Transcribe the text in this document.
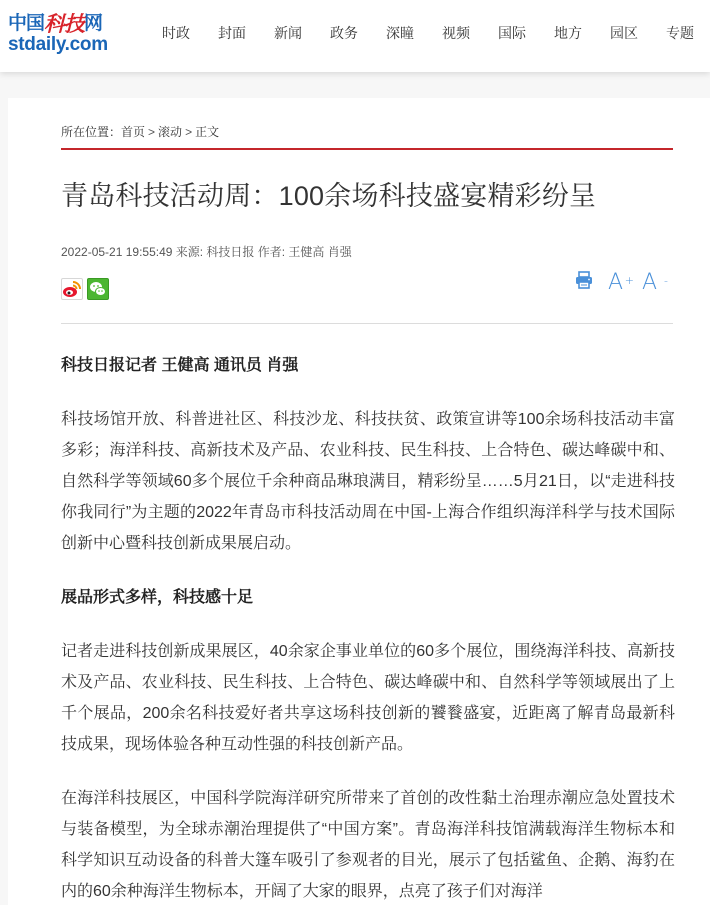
中国 科技 网
stdaily.com
时政	封面	新闻	政务	深瞳	视频	国际	地方	园区	专题
所在位置： 首页 > 滚动 > 正文
青岛科技活动周：100余场科技盛宴精彩纷呈
2022-05-21 19:55:49 来源: 科技日报 作者: 王健高 肖强
A + A -

科技日报记者 王健高 通讯员 肖强

科技场馆开放、科普进社区、科技沙龙、科技扶贫、政策宣讲等100余场科技活动丰富多彩；海洋科技、高新技术及产品、农业科技、民生科技、上合特色、碳达峰碳中和、自然科学等领域60多个展位千余种商品琳琅满目，精彩纷呈……5月21日，以“走进科技 你我同行”为主题的2022年青岛市科技活动周在中国-上海合作组织海洋科学与技术国际创新中心暨科技创新成果展启动。

展品形式多样，科技感十足

记者走进科技创新成果展区，40余家企事业单位的60多个展位，围绕海洋科技、高新技术及产品、农业科技、民生科技、上合特色、碳达峰碳中和、自然科学等领域展出了上千个展品，200余名科技爱好者共享这场科技创新的饕餮盛宴，近距离了解青岛最新科技成果，现场体验各种互动性强的科技创新产品。

在海洋科技展区，中国科学院海洋研究所带来了首创的改性黏土治理赤潮应急处置技术与装备模型，为全球赤潮治理提供了“中国方案”。青岛海洋科技馆满载海洋生物标本和科学知识互动设备的科普大篷车吸引了参观者的目光，展示了包括鲨鱼、企鹅、海豹在内的60余种海洋生物标本，开阔了大家的眼界，点亮了孩子们对海洋
